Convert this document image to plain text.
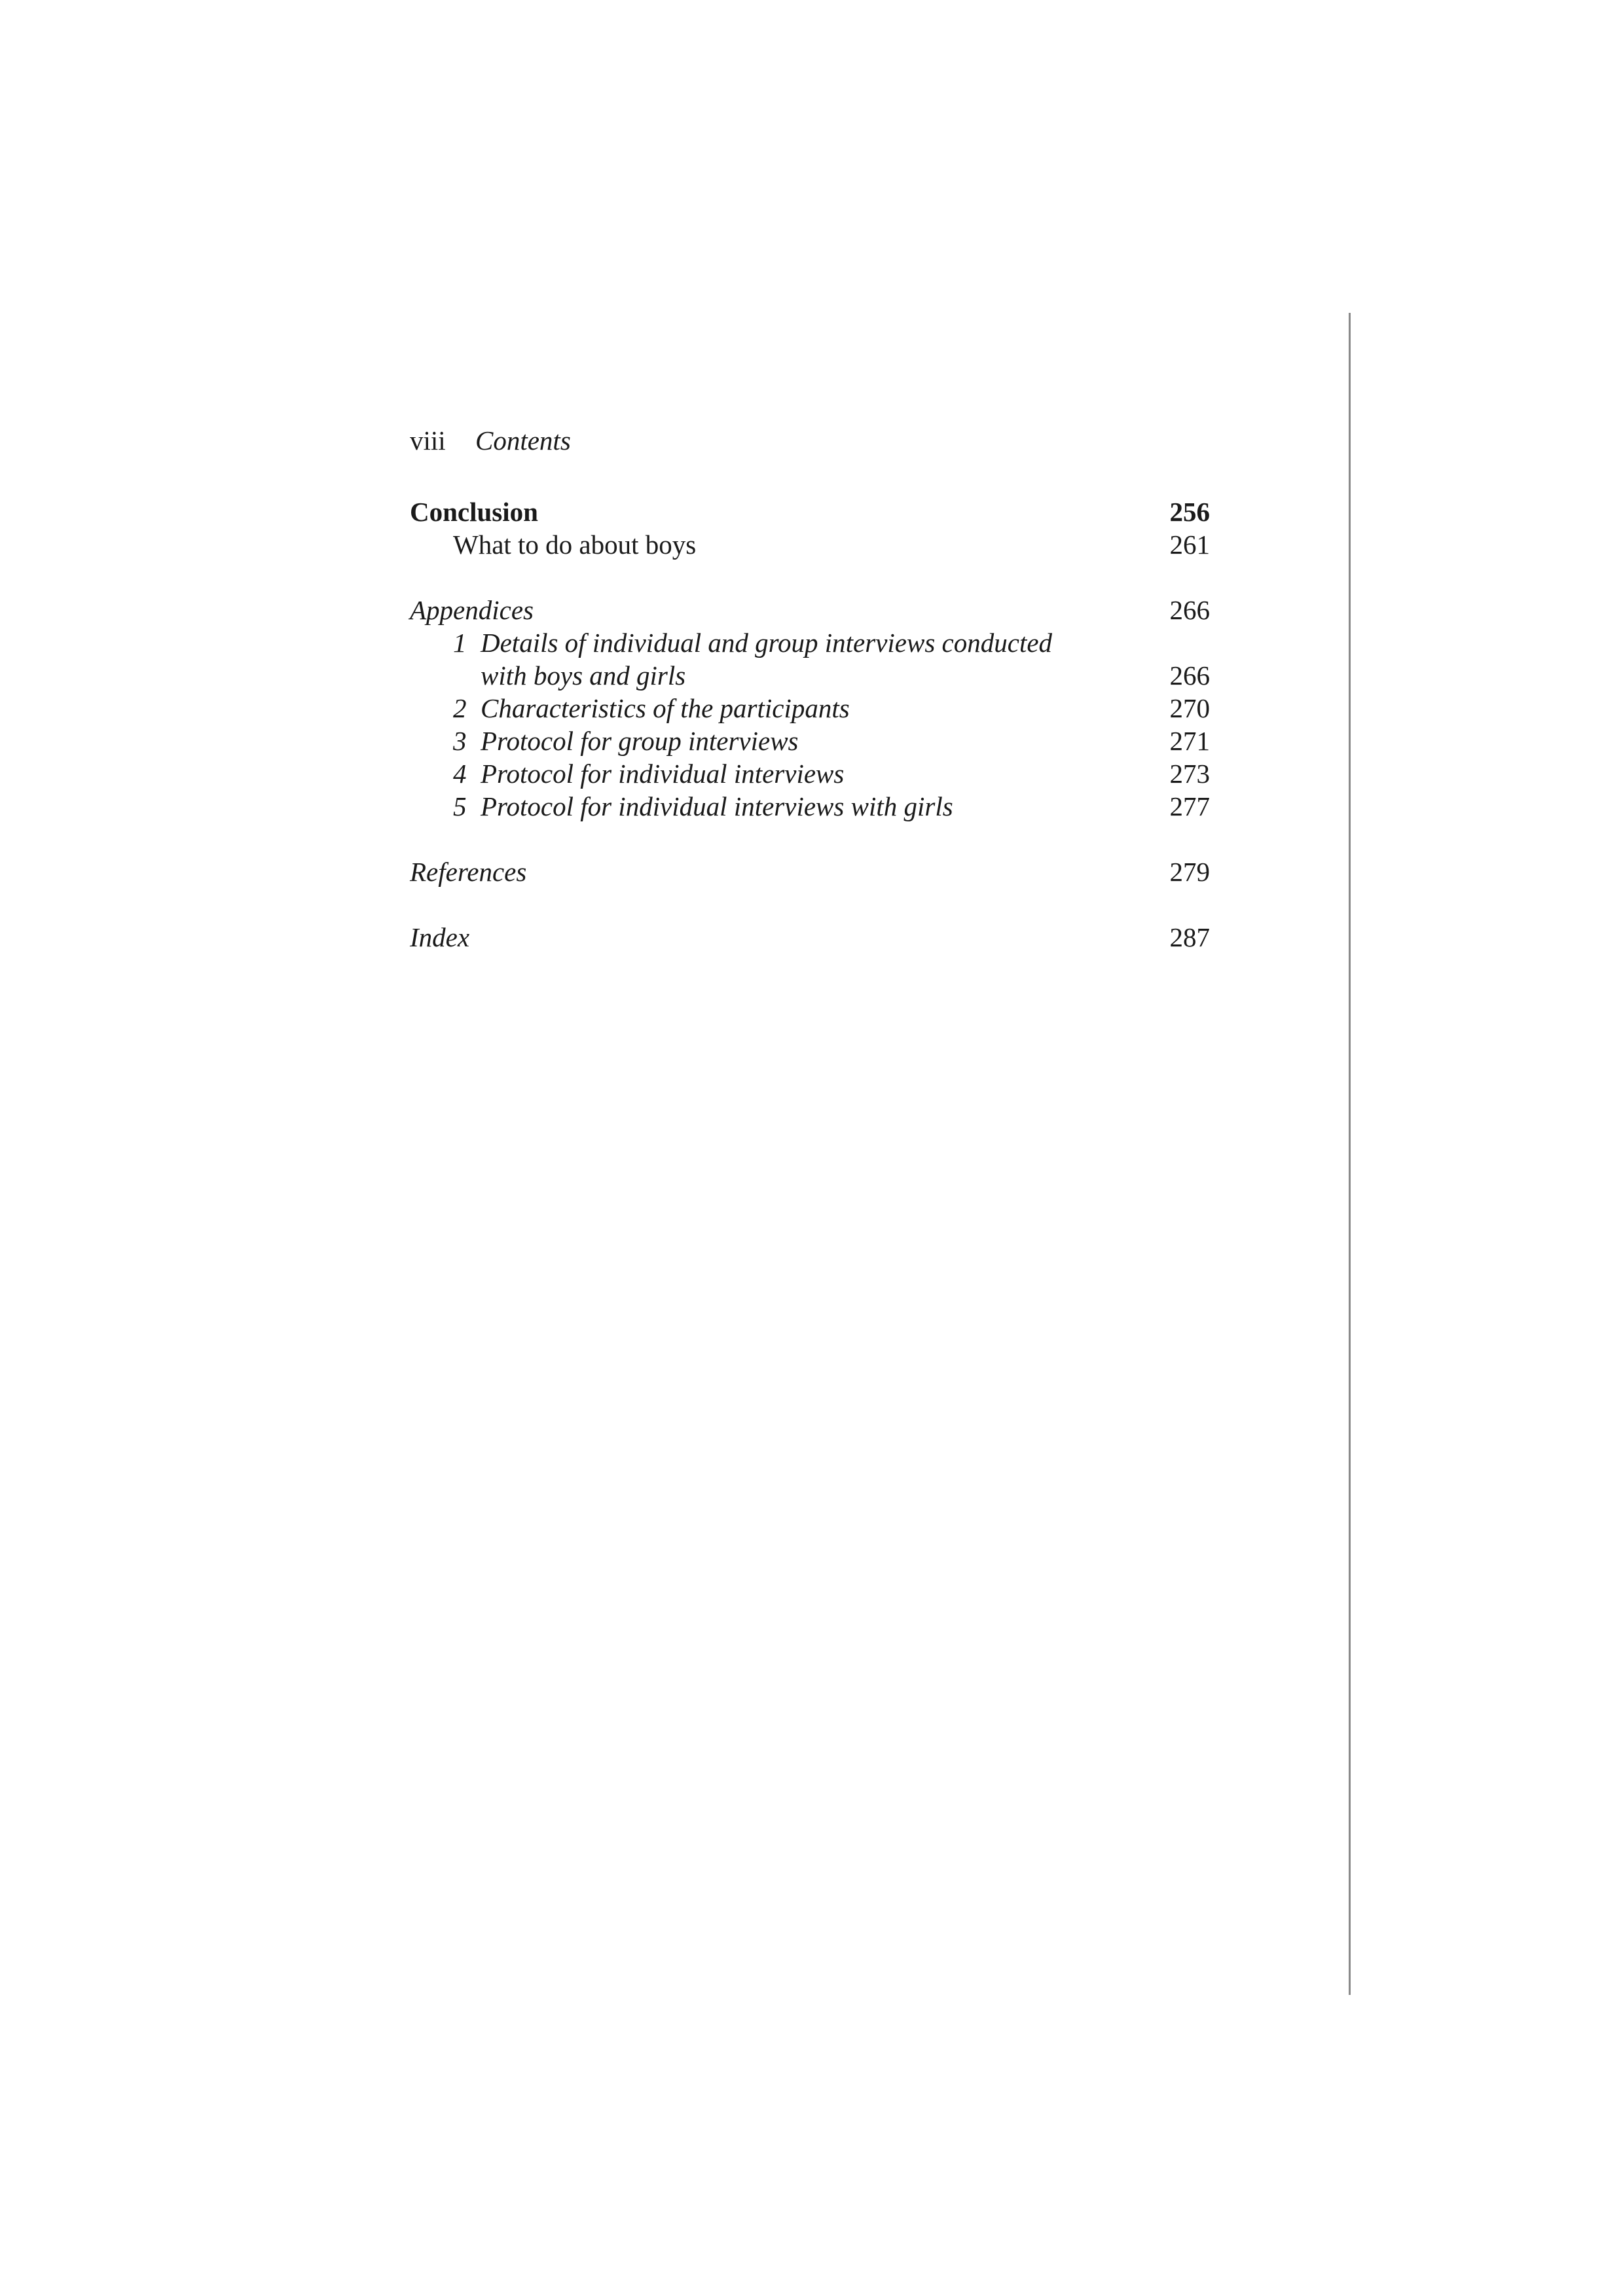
viii Contents
Conclusion	256
What to do about boys	261
Appendices	266
1 Details of individual and group interviews conducted
with boys and girls	266
2 Characteristics of the participants	270
3 Protocol for group interviews	271
4 Protocol for individual interviews	273
5 Protocol for individual interviews with girls	277
References	279
Index	287
